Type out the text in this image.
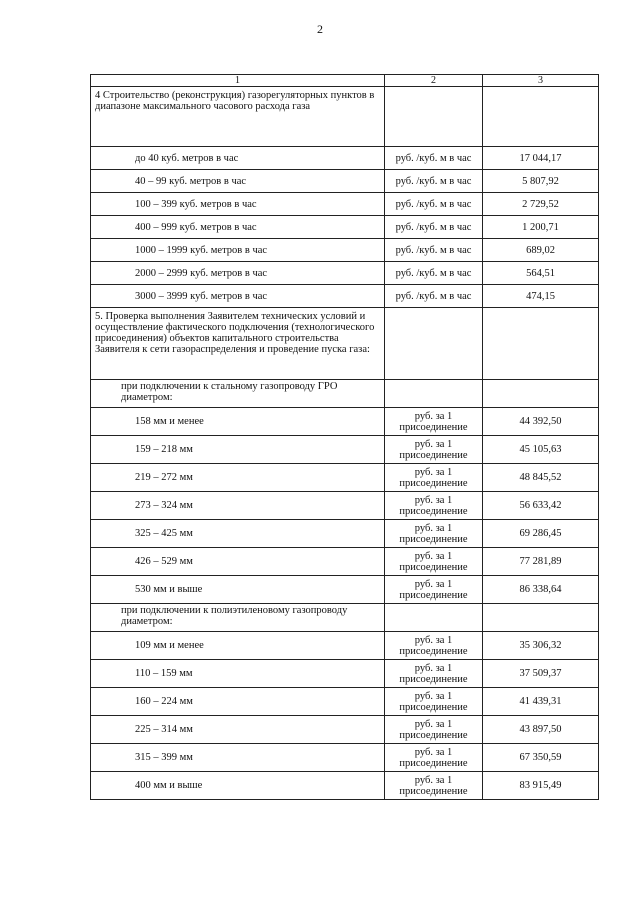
2
1	2	3
4 Строительство (реконструкция) газорегуляторных пунктов в диапазоне максимального часового расхода газа		
до 40 куб. метров в час	руб. /куб. м в час	17 044,17
40 – 99 куб. метров в час	руб. /куб. м в час	5 807,92
100 – 399 куб. метров в час	руб. /куб. м в час	2 729,52
400 – 999 куб. метров в час	руб. /куб. м в час	1 200,71
1000 – 1999 куб. метров в час	руб. /куб. м в час	689,02
2000 – 2999 куб. метров в час	руб. /куб. м в час	564,51
3000 – 3999 куб. метров в час	руб. /куб. м в час	474,15
5. Проверка выполнения Заявителем технических условий и осуществление фактического подключения (технологического присоединения) объектов капитального строительства Заявителя к сети газораспределения и проведение пуска газа:		
при подключении к стальному газопроводу ГРО диаметром:		
158 мм и менее	руб. за 1 присоединение	44 392,50
159 – 218 мм	руб. за 1 присоединение	45 105,63
219 – 272 мм	руб. за 1 присоединение	48 845,52
273 – 324 мм	руб. за 1 присоединение	56 633,42
325 – 425 мм	руб. за 1 присоединение	69 286,45
426 – 529 мм	руб. за 1 присоединение	77 281,89
530 мм и выше	руб. за 1 присоединение	86 338,64
при подключении к полиэтиленовому газопроводу диаметром:		
109 мм и менее	руб. за 1 присоединение	35 306,32
110 – 159 мм	руб. за 1 присоединение	37 509,37
160 – 224 мм	руб. за 1 присоединение	41 439,31
225 – 314 мм	руб. за 1 присоединение	43 897,50
315 – 399 мм	руб. за 1 присоединение	67 350,59
400 мм и выше	руб. за 1 присоединение	83 915,49
